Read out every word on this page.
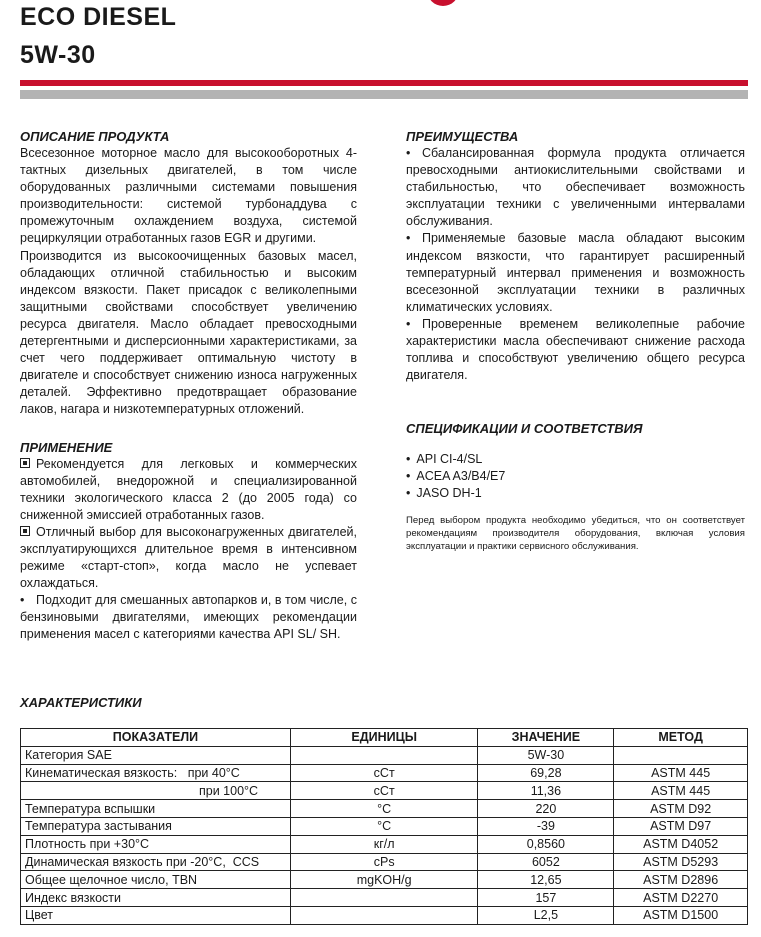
ECO DIESEL
5W-30
ОПИСАНИЕ ПРОДУКТА

Всесезонное моторное масло для высокооборотных 4-тактных дизельных двигателей, в том числе оборудованных различными системами повышения производительности: системой турбонаддува с промежуточным охлаждением воздуха, системой рециркуляции отработанных газов EGR и другими.

Производится из высокоочищенных базовых масел, обладающих отличной стабильностью и высоким индексом вязкости. Пакет присадок с великолепными защитными свойствами способствует увеличению ресурса двигателя. Масло обладает превосходными детергентными и дисперсионными характеристиками, за счет чего поддерживает оптимальную чистоту в двигателе и способствует снижению износа нагруженных деталей. Эффективно предотвращает образование лаков, нагара и низкотемпературных отложений.

ПРИМЕНЕНИЕ

Рекомендуется для легковых и коммерческих автомобилей, внедорожной и специализированной техники экологического класса 2 (до 2005 года) со сниженной эмиссией отработанных газов.

Отличный выбор для высоконагруженных двигателей, эксплуатирующихся длительное время в интенсивном режиме «старт-стоп», когда масло не успевает охлаждаться.

• Подходит для смешанных автопарков и, в том числе, с бензиновыми двигателями, имеющих рекомендации применения масел с категориями качества API SL/ SH.

ПРЕИМУЩЕСТВА

• Сбалансированная формула продукта отличается превосходными антиокислительными свойствами и стабильностью, что обеспечивает возможность эксплуатации техники с увеличенными интервалами обслуживания.

• Применяемые базовые масла обладают высоким индексом вязкости, что гарантирует расширенный температурный интервал применения и возможность всесезонной эксплуатации техники в различных климатических условиях.

• Проверенные временем великолепные рабочие характеристики масла обеспечивают снижение расхода топлива и способствуют увеличению общего ресурса двигателя.

СПЕЦИФИКАЦИИ И СООТВЕТСТВИЯ
• API CI-4/SL
• ACEA A3/B4/E7
• JASO DH-1

Перед выбором продукта необходимо убедиться, что он соответствует рекомендациям производителя оборудования, включая условия эксплуатации и практики сервисного обслуживания.

ХАРАКТЕРИСТИКИ
ПОКАЗАТЕЛИ	ЕДИНИЦЫ	ЗНАЧЕНИЕ	МЕТОД
Категория SAE		5W-30	
Кинематическая вязкость:   при 40°C	cCт	69,28	ASTM 445
при 100°C	cCт	11,36	ASTM 445
Температура вспышки	°C	220	ASTM D92
Температура застывания	°C	-39	ASTM D97
Плотность при +30°C	кг/л	0,8560	ASTM D4052
Динамическая вязкость при -20°C,  CCS	cPs	6052	ASTM D5293
Общее щелочное число, TBN	mgKOH/g	12,65	ASTM D2896
Индекс вязкости		157	ASTM D2270
Цвет		L2,5	ASTM D1500
